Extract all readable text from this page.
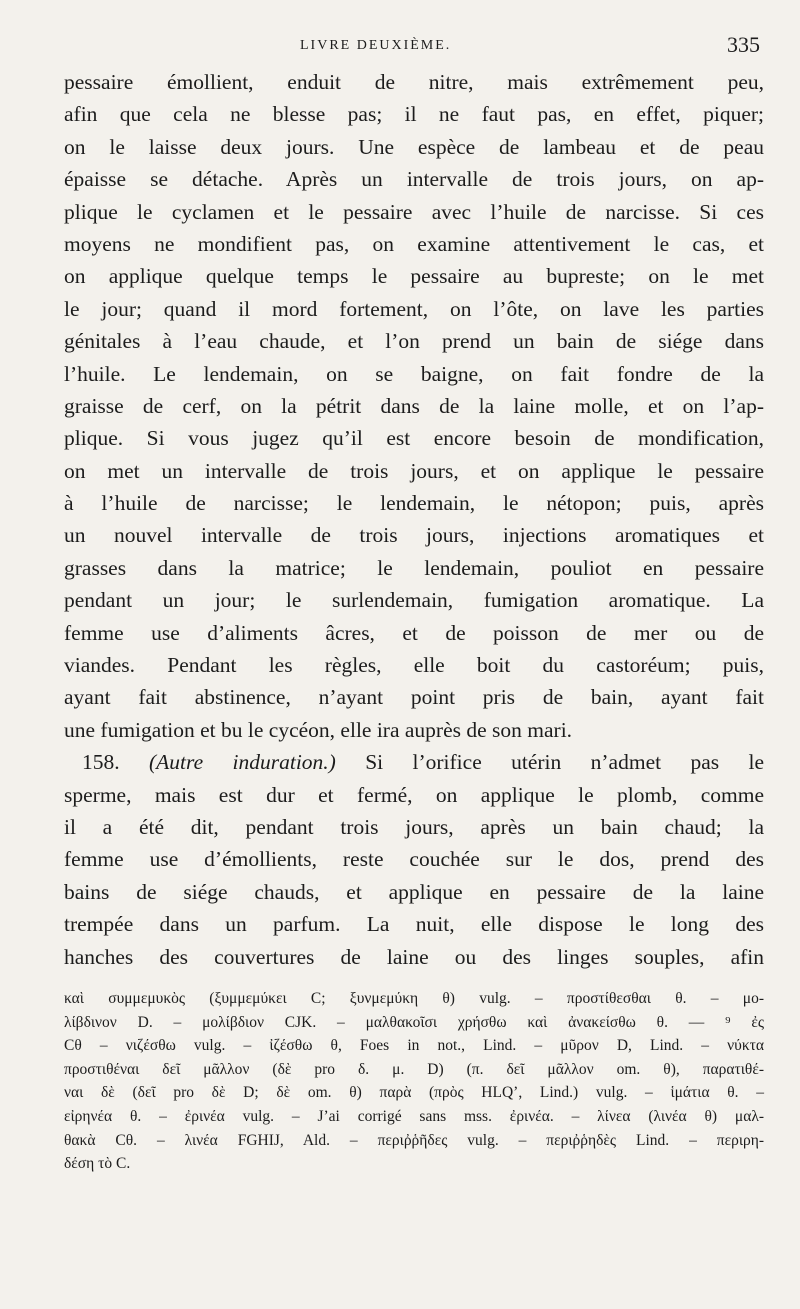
LIVRE DEUXIÈME.	335
pessaire émollient, enduit de nitre, mais extrêmement peu,
afin que cela ne blesse pas; il ne faut pas, en effet, piquer;
on le laisse deux jours. Une espèce de lambeau et de peau
épaisse se détache. Après un intervalle de trois jours, on ap-
plique le cyclamen et le pessaire avec l’huile de narcisse. Si ces
moyens ne mondifient pas, on examine attentivement le cas, et
on applique quelque temps le pessaire au bupreste; on le met
le jour; quand il mord fortement, on l’ôte, on lave les parties
génitales à l’eau chaude, et l’on prend un bain de siége dans
l’huile. Le lendemain, on se baigne, on fait fondre de la
graisse de cerf, on la pétrit dans de la laine molle, et on l’ap-
plique. Si vous jugez qu’il est encore besoin de mondification,
on met un intervalle de trois jours, et on applique le pessaire
à l’huile de narcisse; le lendemain, le nétopon; puis, après
un nouvel intervalle de trois jours, injections aromatiques et
grasses dans la matrice; le lendemain, pouliot en pessaire
pendant un jour; le surlendemain, fumigation aromatique. La
femme use d’aliments âcres, et de poisson de mer ou de
viandes. Pendant les règles, elle boit du castoréum; puis,
ayant fait abstinence, n’ayant point pris de bain, ayant fait
une fumigation et bu le cycéon, elle ira auprès de son mari.
158. (Autre induration.) Si l’orifice utérin n’admet pas le
sperme, mais est dur et fermé, on applique le plomb, comme
il a été dit, pendant trois jours, après un bain chaud; la
femme use d’émollients, reste couchée sur le dos, prend des
bains de siége chauds, et applique en pessaire de la laine
trempée dans un parfum. La nuit, elle dispose le long des
hanches des couvertures de laine ou des linges souples, afin
καὶ συμμεμυκὸς (ξυμμεμύκει C; ξυνμεμύκη θ) vulg. – προστίθεσθαι θ. – μο-
λίβδινον D. – μολίβδιον CJK. – μαλθακοῖσι χρήσθω καὶ ἀνακείσθω θ. — ⁹ ἐς
Cθ – νιζέσθω vulg. – ἰζέσθω θ, Foes in not., Lind. – μῦρον D, Lind. – νύκτα
προστιθέναι δεῖ μᾶλλον (δὲ pro δ. μ. D) (π. δεῖ μᾶλλον om. θ), παρατιθέ-
ναι δὲ (δεῖ pro δὲ D; δὲ om. θ) παρὰ (πρὸς HLQ’, Lind.) vulg. – ἱμάτια θ. –
εἰρηνέα θ. – ἐρινέα vulg. – J’ai corrigé sans mss. ἐρινέα. – λίνεα (λινέα θ) μαλ-
θακὰ Cθ. – λινέα FGHIJ, Ald. – περιῤῥῆδες vulg. – περιῤῥηδὲς Lind. – περιρη-
δέση τὸ C.
